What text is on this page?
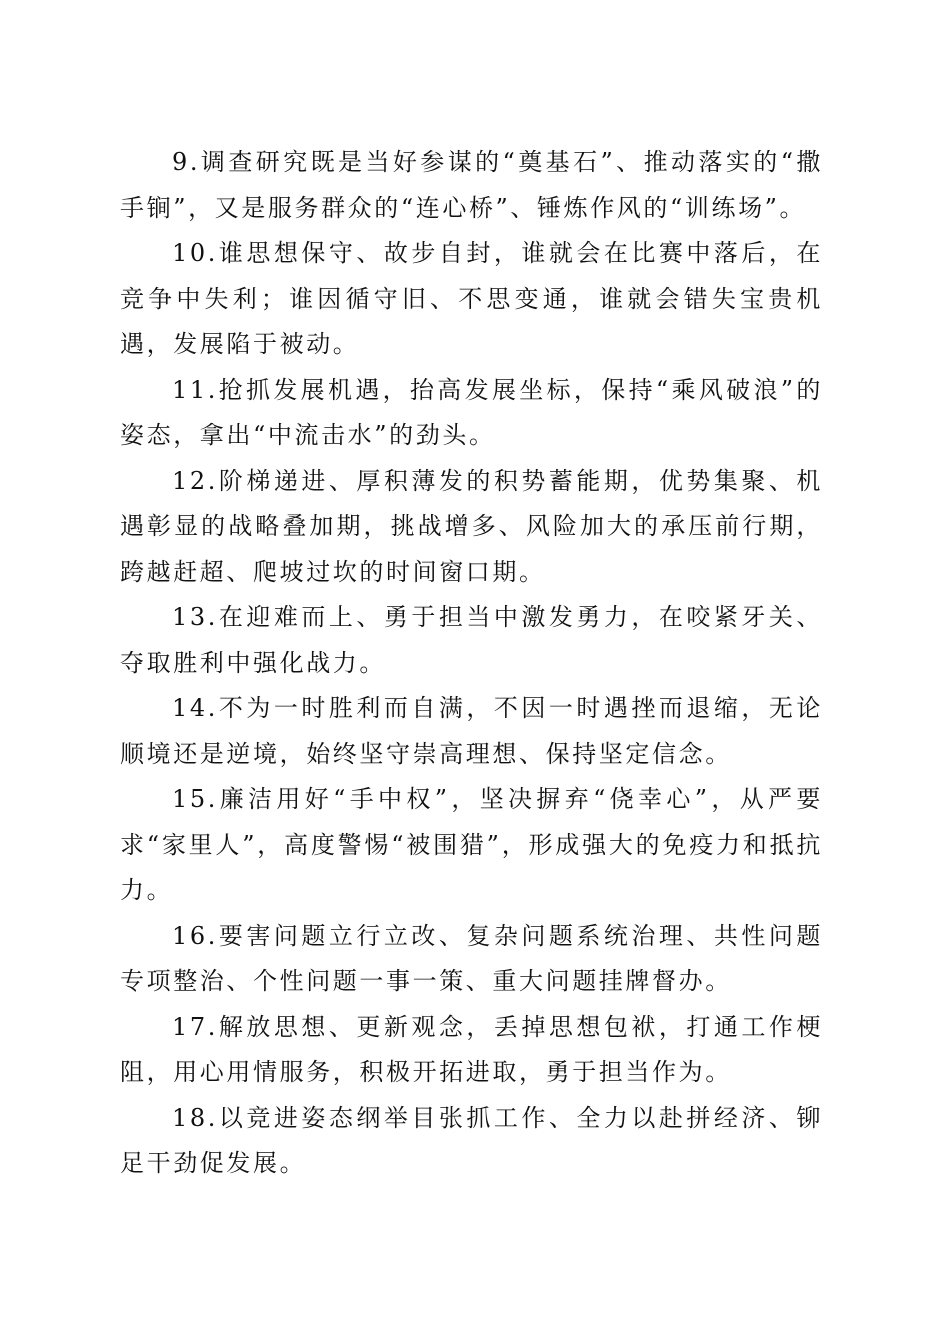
9.调查研究既是当好参谋的“奠基石”、推动落实的“撒手锏”，又是服务群众的“连心桥”、锤炼作风的“训练场”。

10.谁思想保守、故步自封，谁就会在比赛中落后，在竞争中失利；谁因循守旧、不思变通，谁就会错失宝贵机遇，发展陷于被动。

11.抢抓发展机遇，抬高发展坐标，保持“乘风破浪”的姿态，拿出“中流击水”的劲头。

12.阶梯递进、厚积薄发的积势蓄能期，优势集聚、机遇彰显的战略叠加期，挑战增多、风险加大的承压前行期，跨越赶超、爬坡过坎的时间窗口期。

13.在迎难而上、勇于担当中激发勇力，在咬紧牙关、夺取胜利中强化战力。

14.不为一时胜利而自满，不因一时遇挫而退缩，无论顺境还是逆境，始终坚守崇高理想、保持坚定信念。

15.廉洁用好“手中权”，坚决摒弃“侥幸心”，从严要求“家里人”，高度警惕“被围猎”，形成强大的免疫力和抵抗力。

16.要害问题立行立改、复杂问题系统治理、共性问题专项整治、个性问题一事一策、重大问题挂牌督办。

17.解放思想、更新观念，丢掉思想包袱，打通工作梗阻，用心用情服务，积极开拓进取，勇于担当作为。

18.以竞进姿态纲举目张抓工作、全力以赴拼经济、铆足干劲促发展。
